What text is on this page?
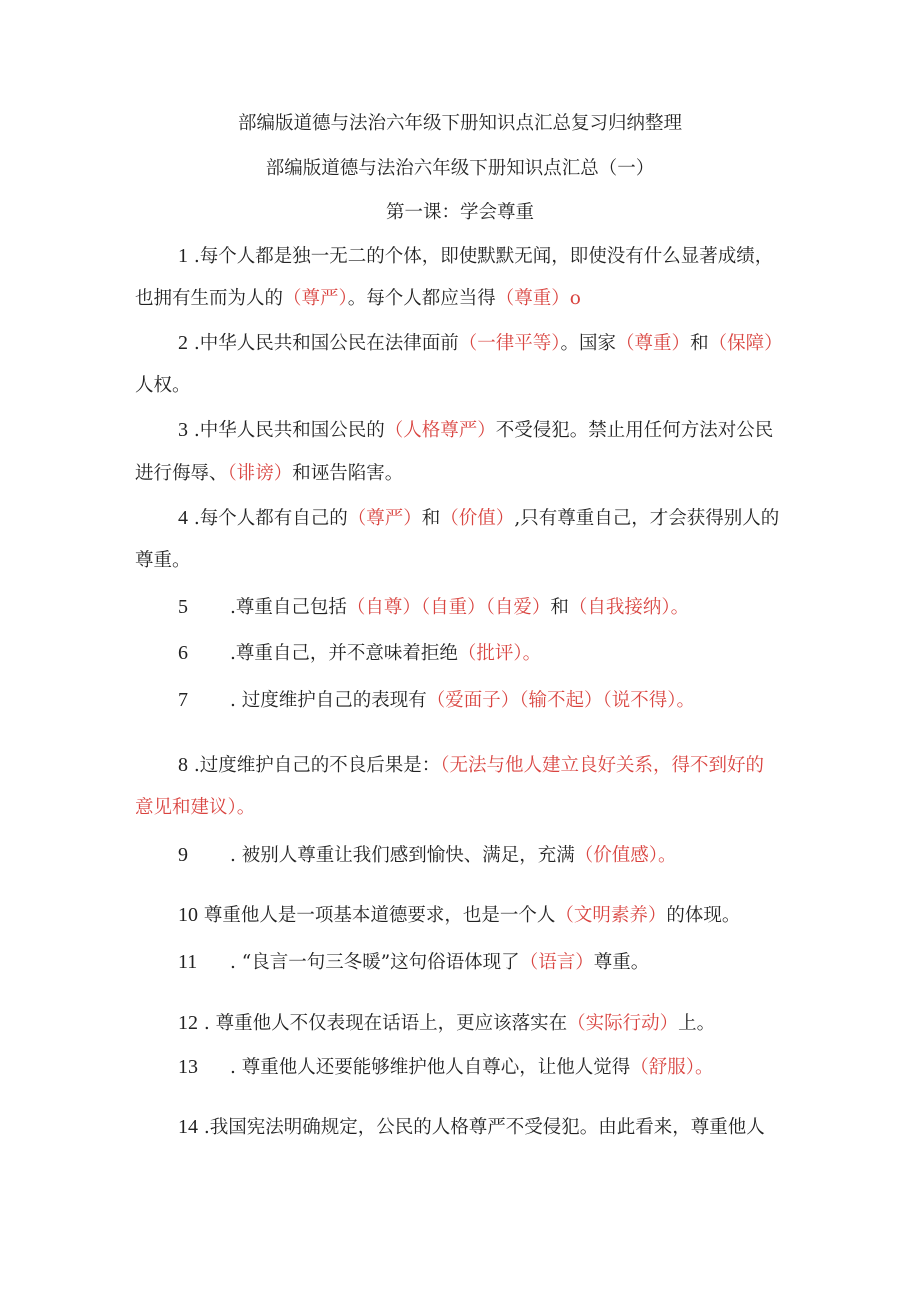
部编版道德与法治六年级下册知识点汇总复习归纳整理
部编版道德与法治六年级下册知识点汇总（一）
第一课：学会尊重
1 .每个人都是独一无二的个体，即使默默无闻，即使没有什么显著成绩，
也拥有生而为人的（尊严）。每个人都应当得（尊重）o
2 .中华人民共和国公民在法律面前（一律平等）。国家（尊重）和（保障）
人权。
3 .中华人民共和国公民的（人格尊严）不受侵犯。禁止用任何方法对公民
进行侮辱、（诽谤）和诬告陷害。
4 .每个人都有自己的（尊严）和（价值）,只有尊重自己，才会获得别人的
尊重。
5 .尊重自己包括（自尊）（自重）（自爱）和（自我接纳）。
6 .尊重自己，并不意味着拒绝（批评）。
7 . 过度维护自己的表现有（爱面子）（输不起）（说不得）。
8 .过度维护自己的不良后果是：（无法与他人建立良好关系，得不到好的
意见和建议）。
9 . 被别人尊重让我们感到愉快、满足，充满（价值感）。
10 尊重他人是一项基本道德要求，也是一个人（文明素养）的体现。
11 . “良言一句三冬暖”这句俗语体现了（语言）尊重。
12 . 尊重他人不仅表现在话语上，更应该落实在（实际行动）上。
13 . 尊重他人还要能够维护他人自尊心，让他人觉得（舒服）。
14 .我国宪法明确规定，公民的人格尊严不受侵犯。由此看来，尊重他人
